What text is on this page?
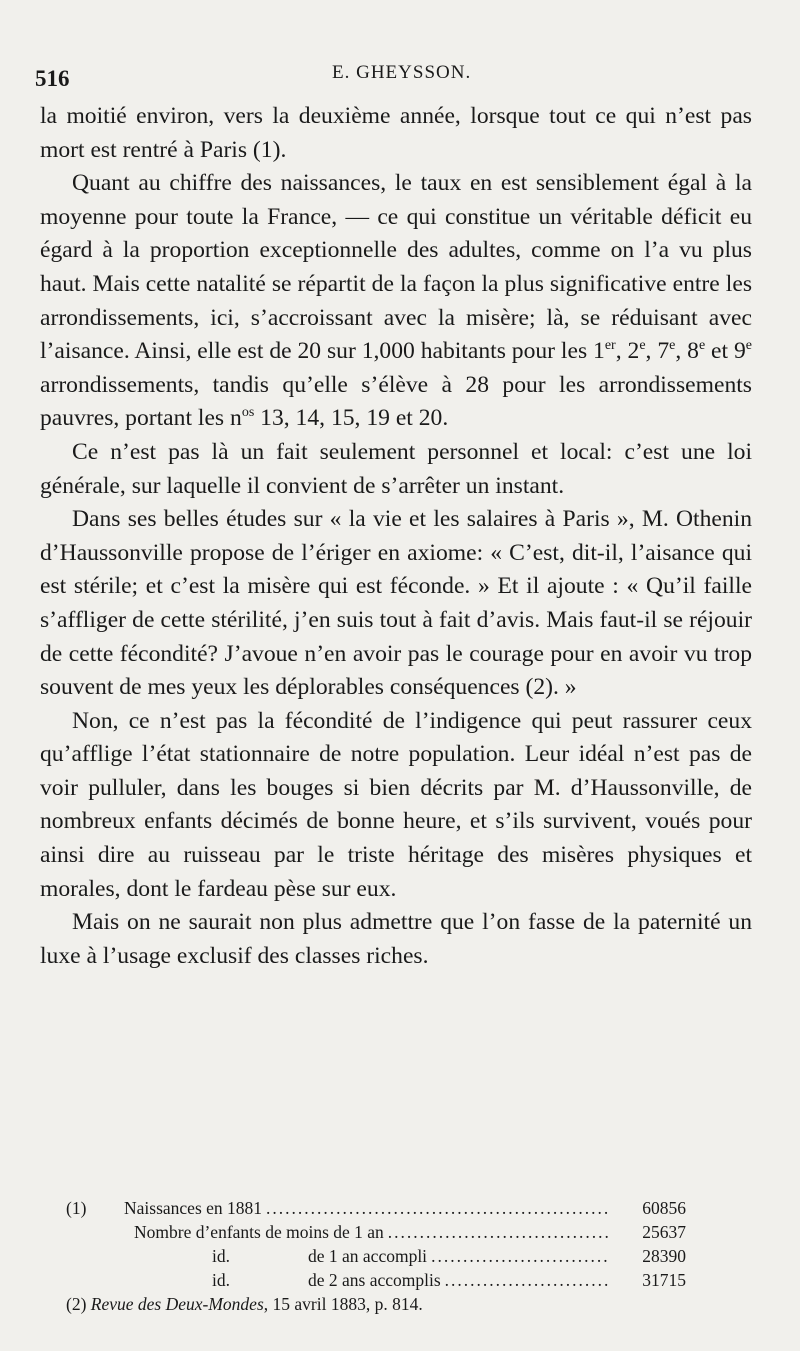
516	E. GHEYSSON.

la moitié environ, vers la deuxième année, lorsque tout ce qui n’est pas mort est rentré à Paris (1).

Quant au chiffre des naissances, le taux en est sensiblement égal à la moyenne pour toute la France, — ce qui constitue un véritable déficit eu égard à la proportion exceptionnelle des adultes, comme on l’a vu plus haut. Mais cette natalité se répartit de la façon la plus significative entre les arrondissements, ici, s’accroissant avec la misère; là, se réduisant avec l’aisance. Ainsi, elle est de 20 sur 1,000 habitants pour les 1er, 2e, 7e, 8e et 9e arrondissements, tandis qu’elle s’élève à 28 pour les arrondissements pauvres, portant les $n^{os}$ 13, 14, 15, 19 et 20.

Ce n’est pas là un fait seulement personnel et local: c’est une loi générale, sur laquelle il convient de s’arrêter un instant.

Dans ses belles études sur « la vie et les salaires à Paris », M. Othenin d’Haussonville propose de l’ériger en axiome: « C’est, dit-il, l’aisance qui est stérile; et c’est la misère qui est féconde. » Et il ajoute : « Qu’il faille s’affliger de cette stérilité, j’en suis tout à fait d’avis. Mais faut-il se réjouir de cette fécondité? J’avoue n’en avoir pas le courage pour en avoir vu trop souvent de mes yeux les déplorables conséquences (2). »

Non, ce n’est pas la fécondité de l’indigence qui peut rassurer ceux qu’afflige l’état stationnaire de notre population. Leur idéal n’est pas de voir pulluler, dans les bouges si bien décrits par M. d’Haussonville, de nombreux enfants décimés de bonne heure, et s’ils survivent, voués pour ainsi dire au ruisseau par le triste héritage des misères physiques et morales, dont le fardeau pèse sur eux.

Mais on ne saurait non plus admettre que l’on fasse de la paternité un luxe à l’usage exclusif des classes riches.

(1)	Naissances en 1881 .....	60856
Nombre d’enfants de moins de 1 an .....	25637
id.	de 1 an accompli .....	28390
id.	de 2 ans accomplis .....	31715
(2)
Revue des Deux-Mondes , 15 avril 1883, p. 814.
